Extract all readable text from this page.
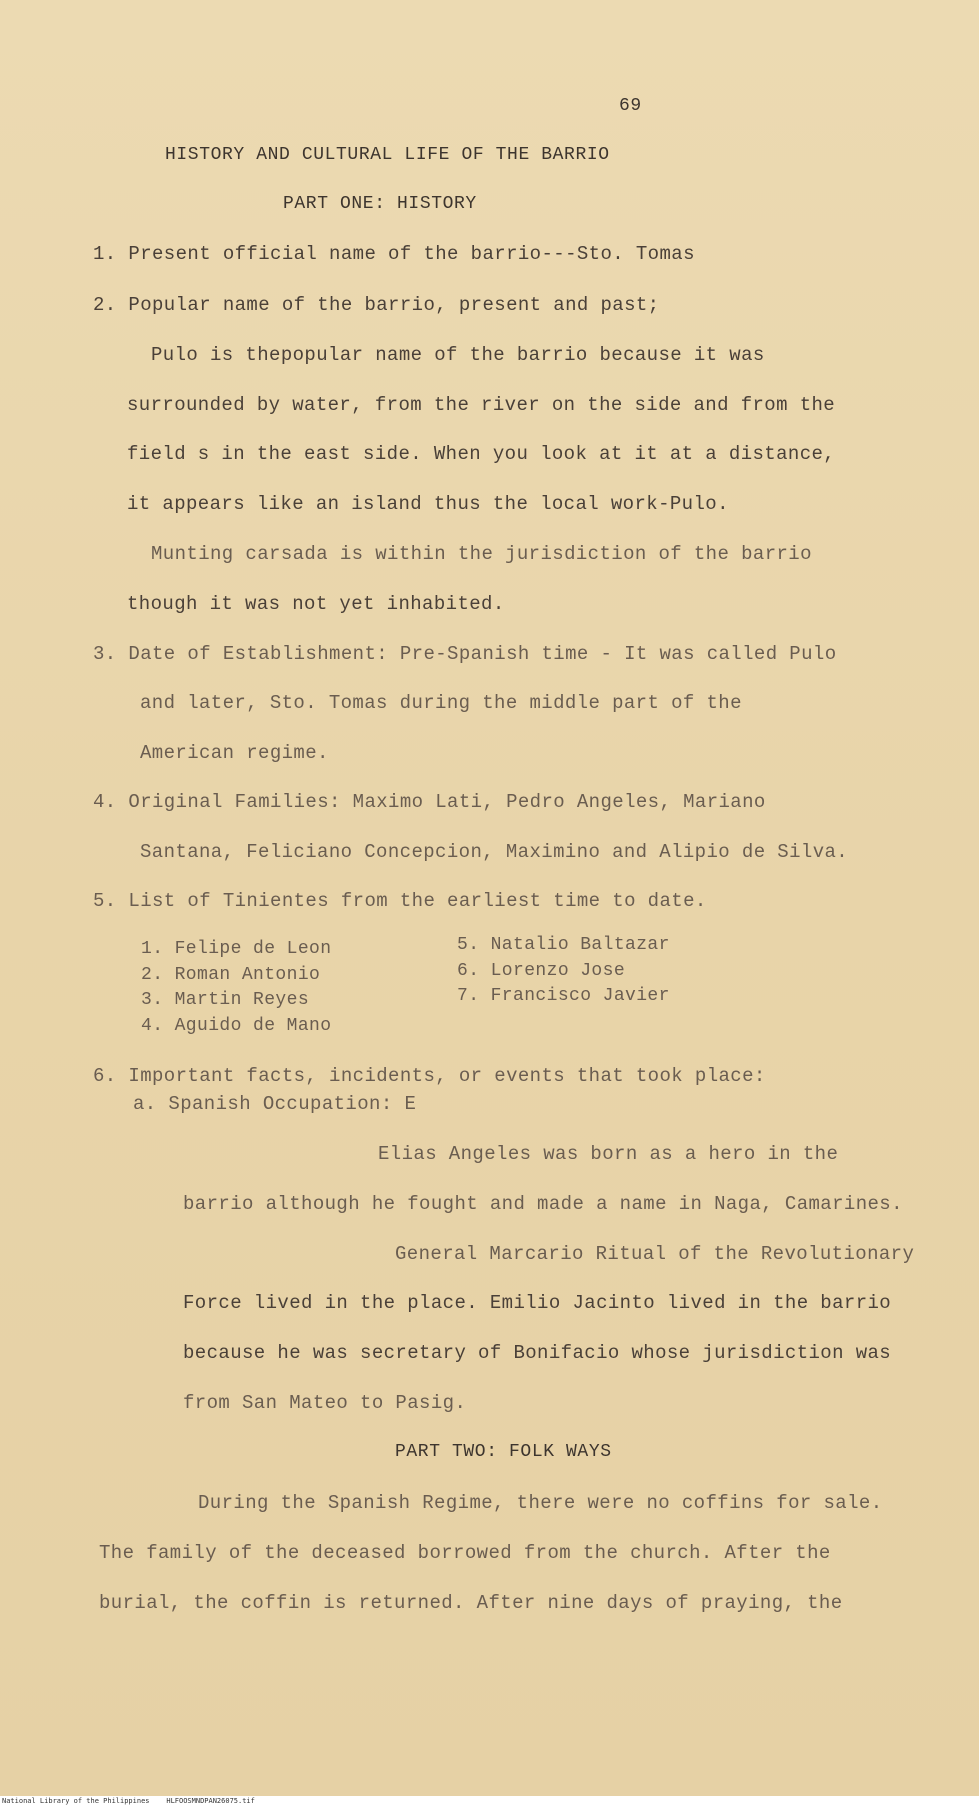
69
HISTORY AND CULTURAL LIFE OF THE BARRIO
PART ONE: HISTORY
1. Present official name of the barrio---Sto. Tomas
2. Popular name of the barrio, present and past;
Pulo is thepopular name of the barrio because it was
surrounded by water, from the river on the side and from the
field s in the east side. When you look at it at a distance,
it appears like an island thus the local work-Pulo.
Munting carsada is within the jurisdiction of the barrio
though it was not yet inhabited.
3. Date of Establishment: Pre-Spanish time - It was called Pulo
and later, Sto. Tomas during the middle part of the
American regime.
4. Original Families: Maximo Lati, Pedro Angeles, Mariano
Santana, Feliciano Concepcion, Maximino and Alipio de Silva.
5. List of Tinientes from the earliest time to date.
1. Felipe de Leon
2. Roman Antonio
3. Martin Reyes
4. Aguido de Mano
5. Natalio Baltazar
6. Lorenzo Jose
7. Francisco Javier
6. Important facts, incidents, or events that took place:
a. Spanish Occupation: E
Elias Angeles was born as a hero in the
barrio although he fought and made a name in Naga, Camarines.
General Marcario Ritual of the Revolutionary
Force lived in the place. Emilio Jacinto lived in the barrio
because he was secretary of Bonifacio whose jurisdiction was
from San Mateo to Pasig.
PART TWO: FOLK WAYS
During the Spanish Regime, there were no coffins for sale.
The family of the deceased borrowed from the church. After the
burial, the coffin is returned. After nine days of praying, the
National Library of the Philippines    HLFOOSMNDPAN26075.tif
